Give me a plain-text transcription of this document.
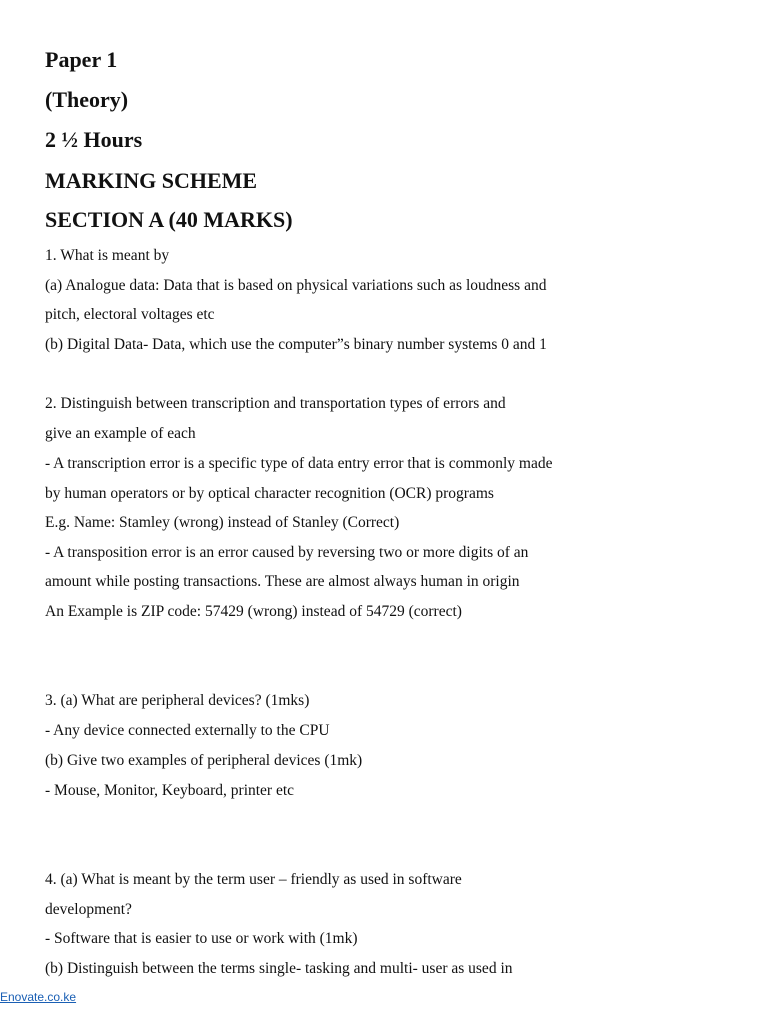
Paper 1
(Theory)
2 ½ Hours
MARKING SCHEME
SECTION A (40 MARKS)
1. What is meant by
(a) Analogue data: Data that is based on physical variations such as loudness and
pitch, electoral voltages etc
(b) Digital Data- Data, which use the computer”s binary number systems 0 and 1
2. Distinguish between transcription and transportation types of errors and
give an example of each
- A transcription error is a specific type of data entry error that is commonly made
by human operators or by optical character recognition (OCR) programs
E.g. Name: Stamley (wrong) instead of Stanley (Correct)
- A transposition error is an error caused by reversing two or more digits of an
amount while posting transactions. These are almost always human in origin
An Example is ZIP code: 57429 (wrong) instead of 54729 (correct)
3. (a) What are peripheral devices? (1mks)
- Any device connected externally to the CPU
(b) Give two examples of peripheral devices (1mk)
- Mouse, Monitor, Keyboard, printer etc
4. (a) What is meant by the term user – friendly as used in software
development?
- Software that is easier to use or work with (1mk)
(b) Distinguish between the terms single- tasking and multi- user as used in
Enovate.co.ke
